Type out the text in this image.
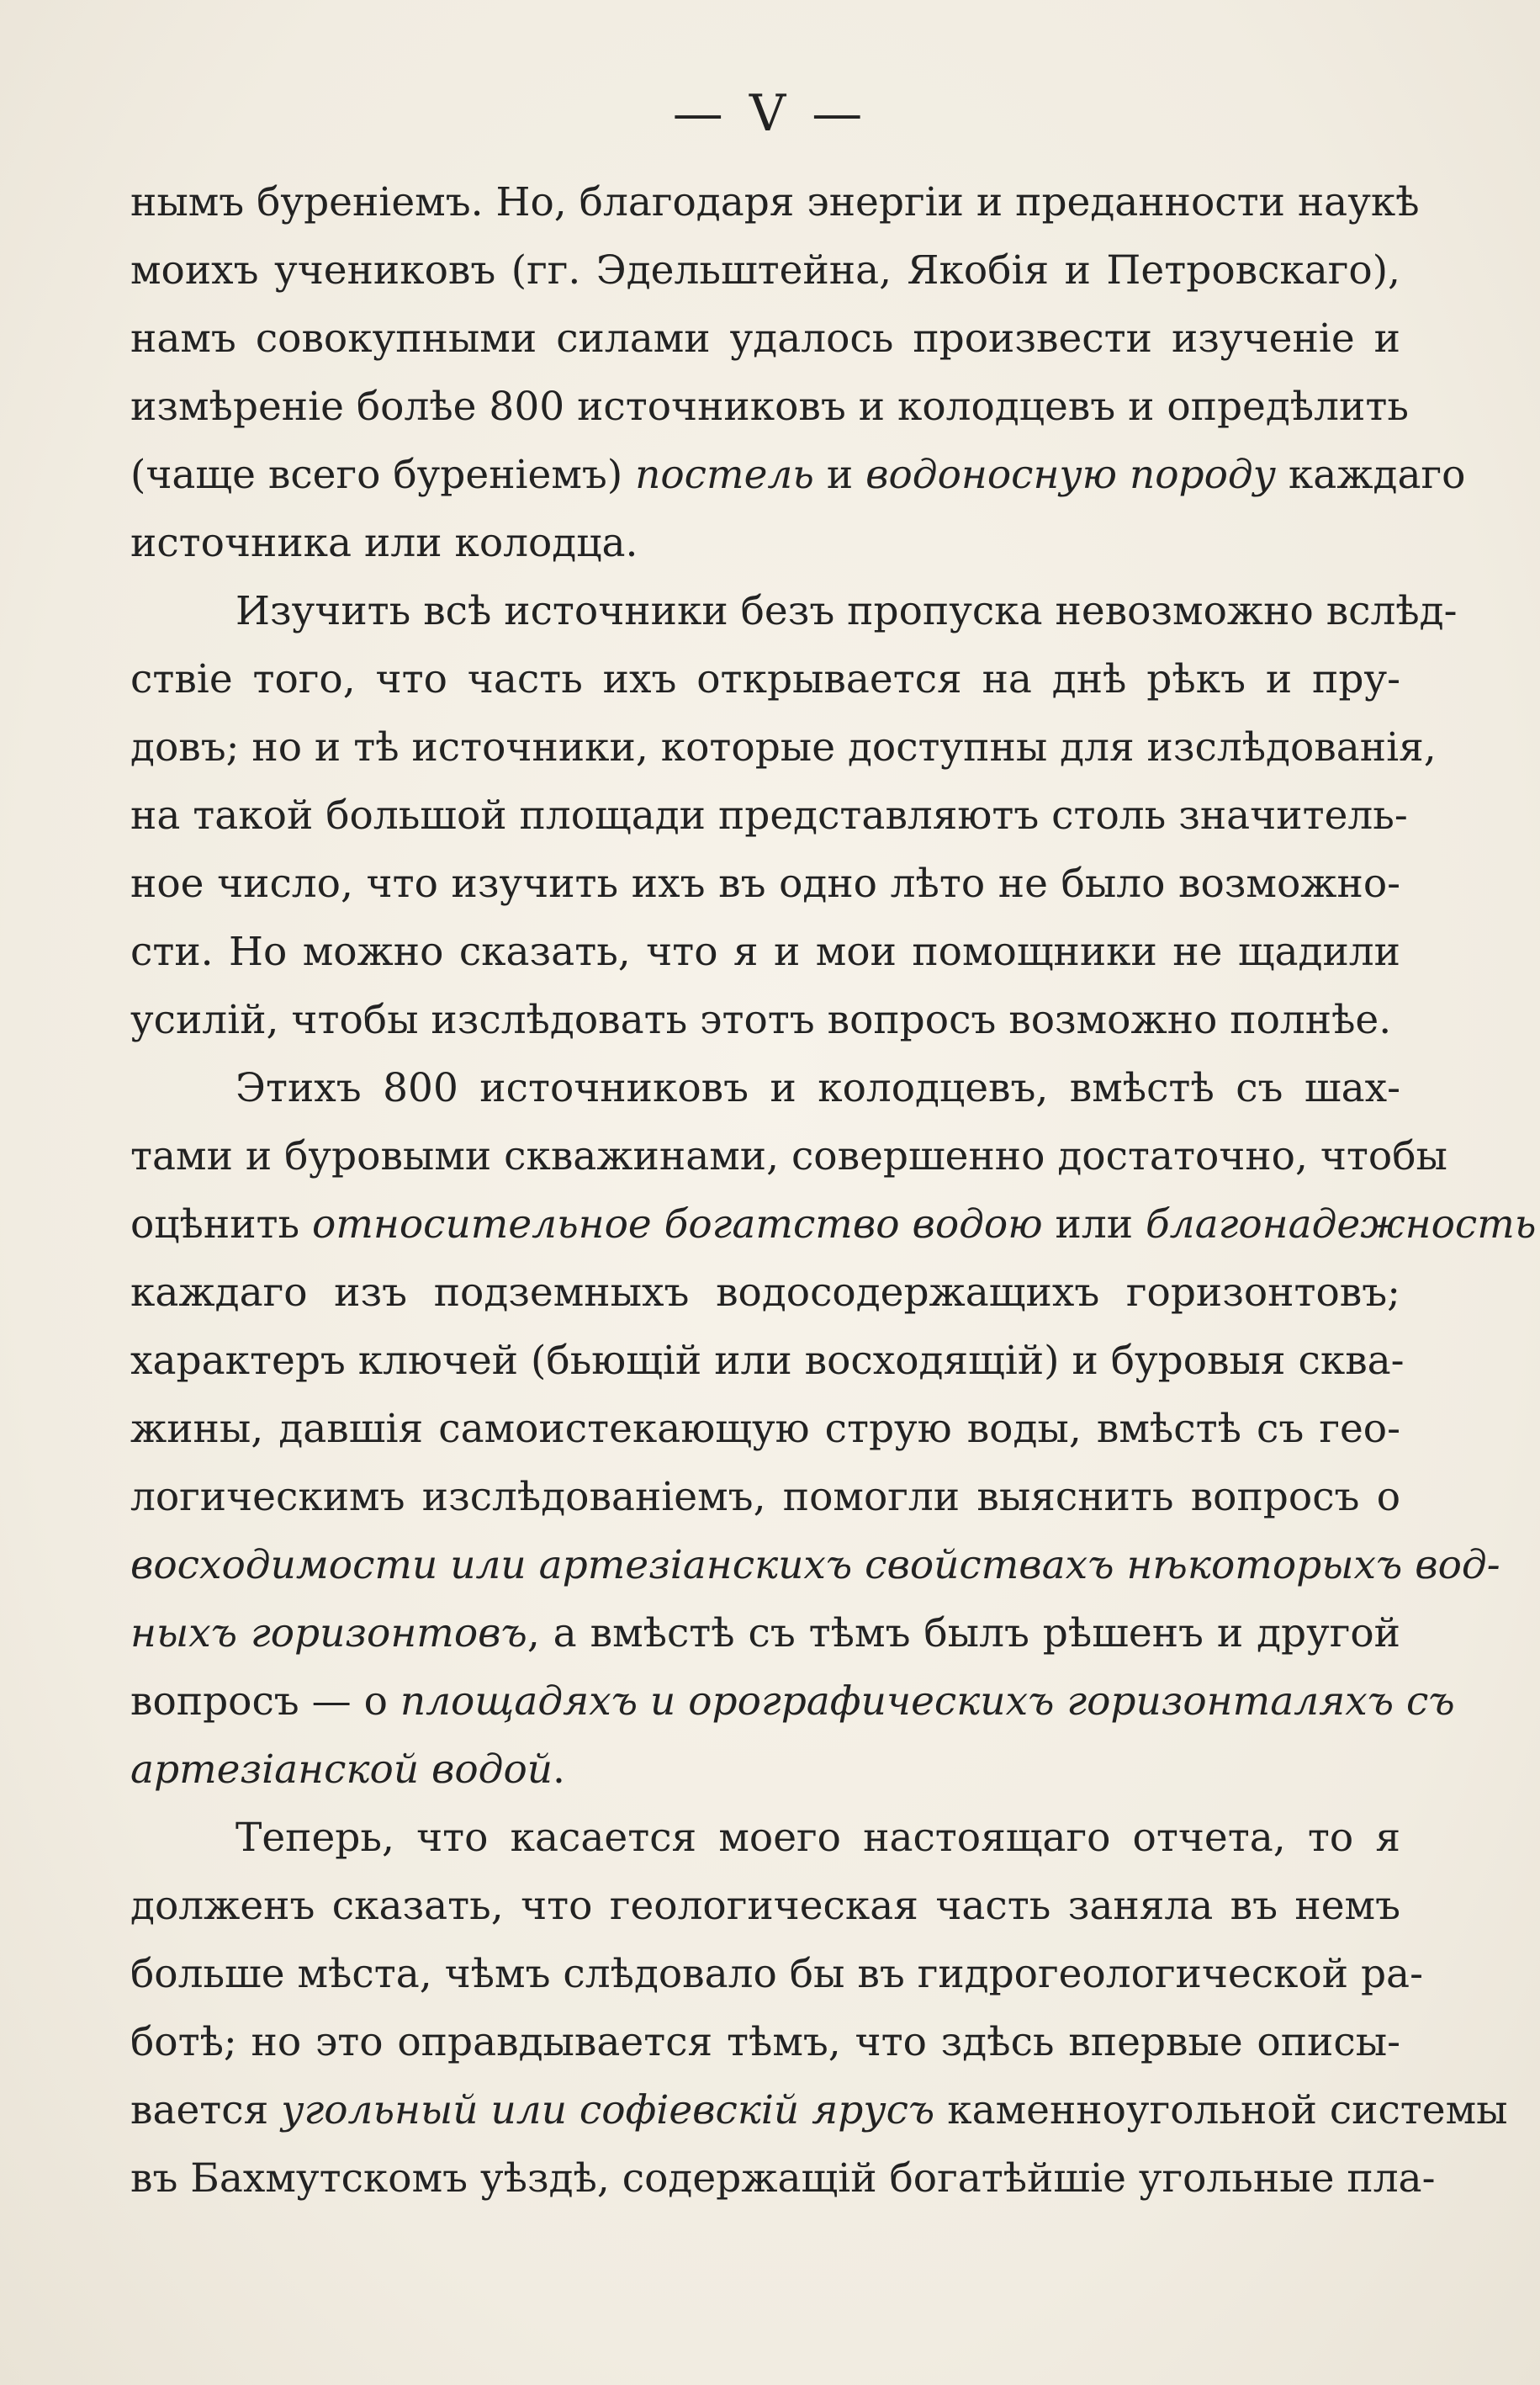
— V —
нымъ буреніемъ. Но, благодаря энергіи и преданности наукѣ
моихъ учениковъ (гг. Эдельштейна, Якобія и Петровскаго),
намъ совокупными силами удалось произвести изученіе и
измѣреніе болѣе 800 источниковъ и колодцевъ и опредѣлить
(чаще всего буреніемъ) постель и водоносную породу каждаго
источника или колодца.
Изучить всѣ источники безъ пропуска невозможно вслѣд-
ствіе того, что часть ихъ открывается на днѣ рѣкъ и пру-
довъ; но и тѣ источники, которые доступны для изслѣдованія,
на такой большой площади представляютъ столь значитель-
ное число, что изучить ихъ въ одно лѣто не было возможно-
сти. Но можно сказать, что я и мои помощники не щадили
усилій, чтобы изслѣдовать этотъ вопросъ возможно полнѣе.
Этихъ 800 источниковъ и колодцевъ, вмѣстѣ съ шах-
тами и буровыми скважинами, совершенно достаточно, чтобы
оцѣнить относительное богатство водою или благонадежность
каждаго изъ подземныхъ водосодержащихъ горизонтовъ;
характеръ ключей (бьющій или восходящій) и буровыя сква-
жины, давшія самоистекающую струю воды, вмѣстѣ съ гео-
логическимъ изслѣдованіемъ, помогли выяснить вопросъ о
восходимости или артезіанскихъ свойствахъ нѣкоторыхъ вод-
ныхъ горизонтовъ, а вмѣстѣ съ тѣмъ былъ рѣшенъ и другой
вопросъ — о площадяхъ и орографическихъ горизонталяхъ съ
артезіанской водой.
Теперь, что касается моего настоящаго отчета, то я
долженъ сказать, что геологическая часть заняла въ немъ
больше мѣста, чѣмъ слѣдовало бы въ гидрогеологической ра-
ботѣ; но это оправдывается тѣмъ, что здѣсь впервые описы-
вается угольный или софіевскій ярусъ каменноугольной системы
въ Бахмутскомъ уѣздѣ, содержащій богатѣйшіе угольные пла-
